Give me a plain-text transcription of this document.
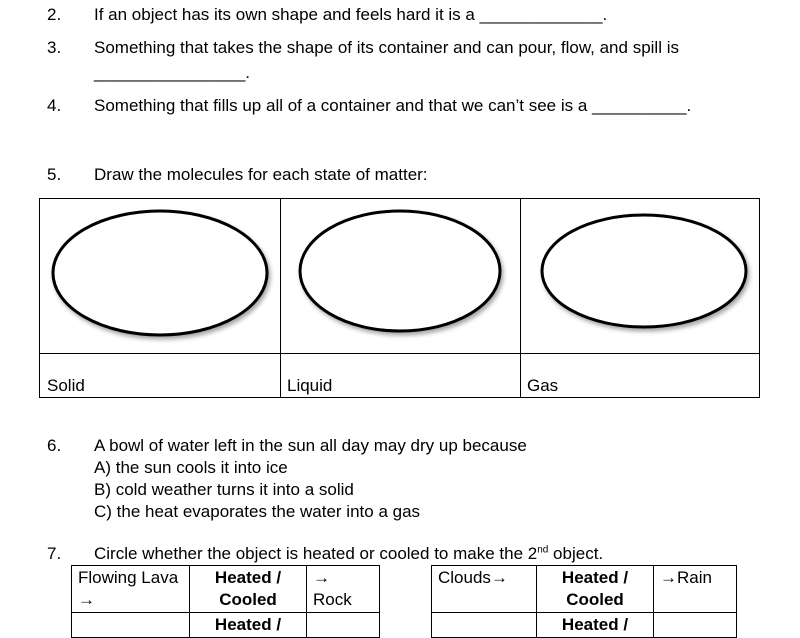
2. If an object has its own shape and feels hard it is a _____________.
3. Something that takes the shape of its container and can pour, flow, and spill is
________________.
4. Something that fills up all of a container and that we can’t see is a __________.
5. Draw the molecules for each state of matter:
Solid	Liquid	Gas
6. A bowl of water left in the sun all day may dry up because
A) the sun cools it into ice
B) cold weather turns it into a solid
C) the heat evaporates the water into a gas
7. Circle whether the object is heated or cooled to make the 2nd object.
Flowing Lava →	Heated / Cooled	→ Rock
	Heated /	
Clouds→	Heated / Cooled	→Rain
	Heated /	
